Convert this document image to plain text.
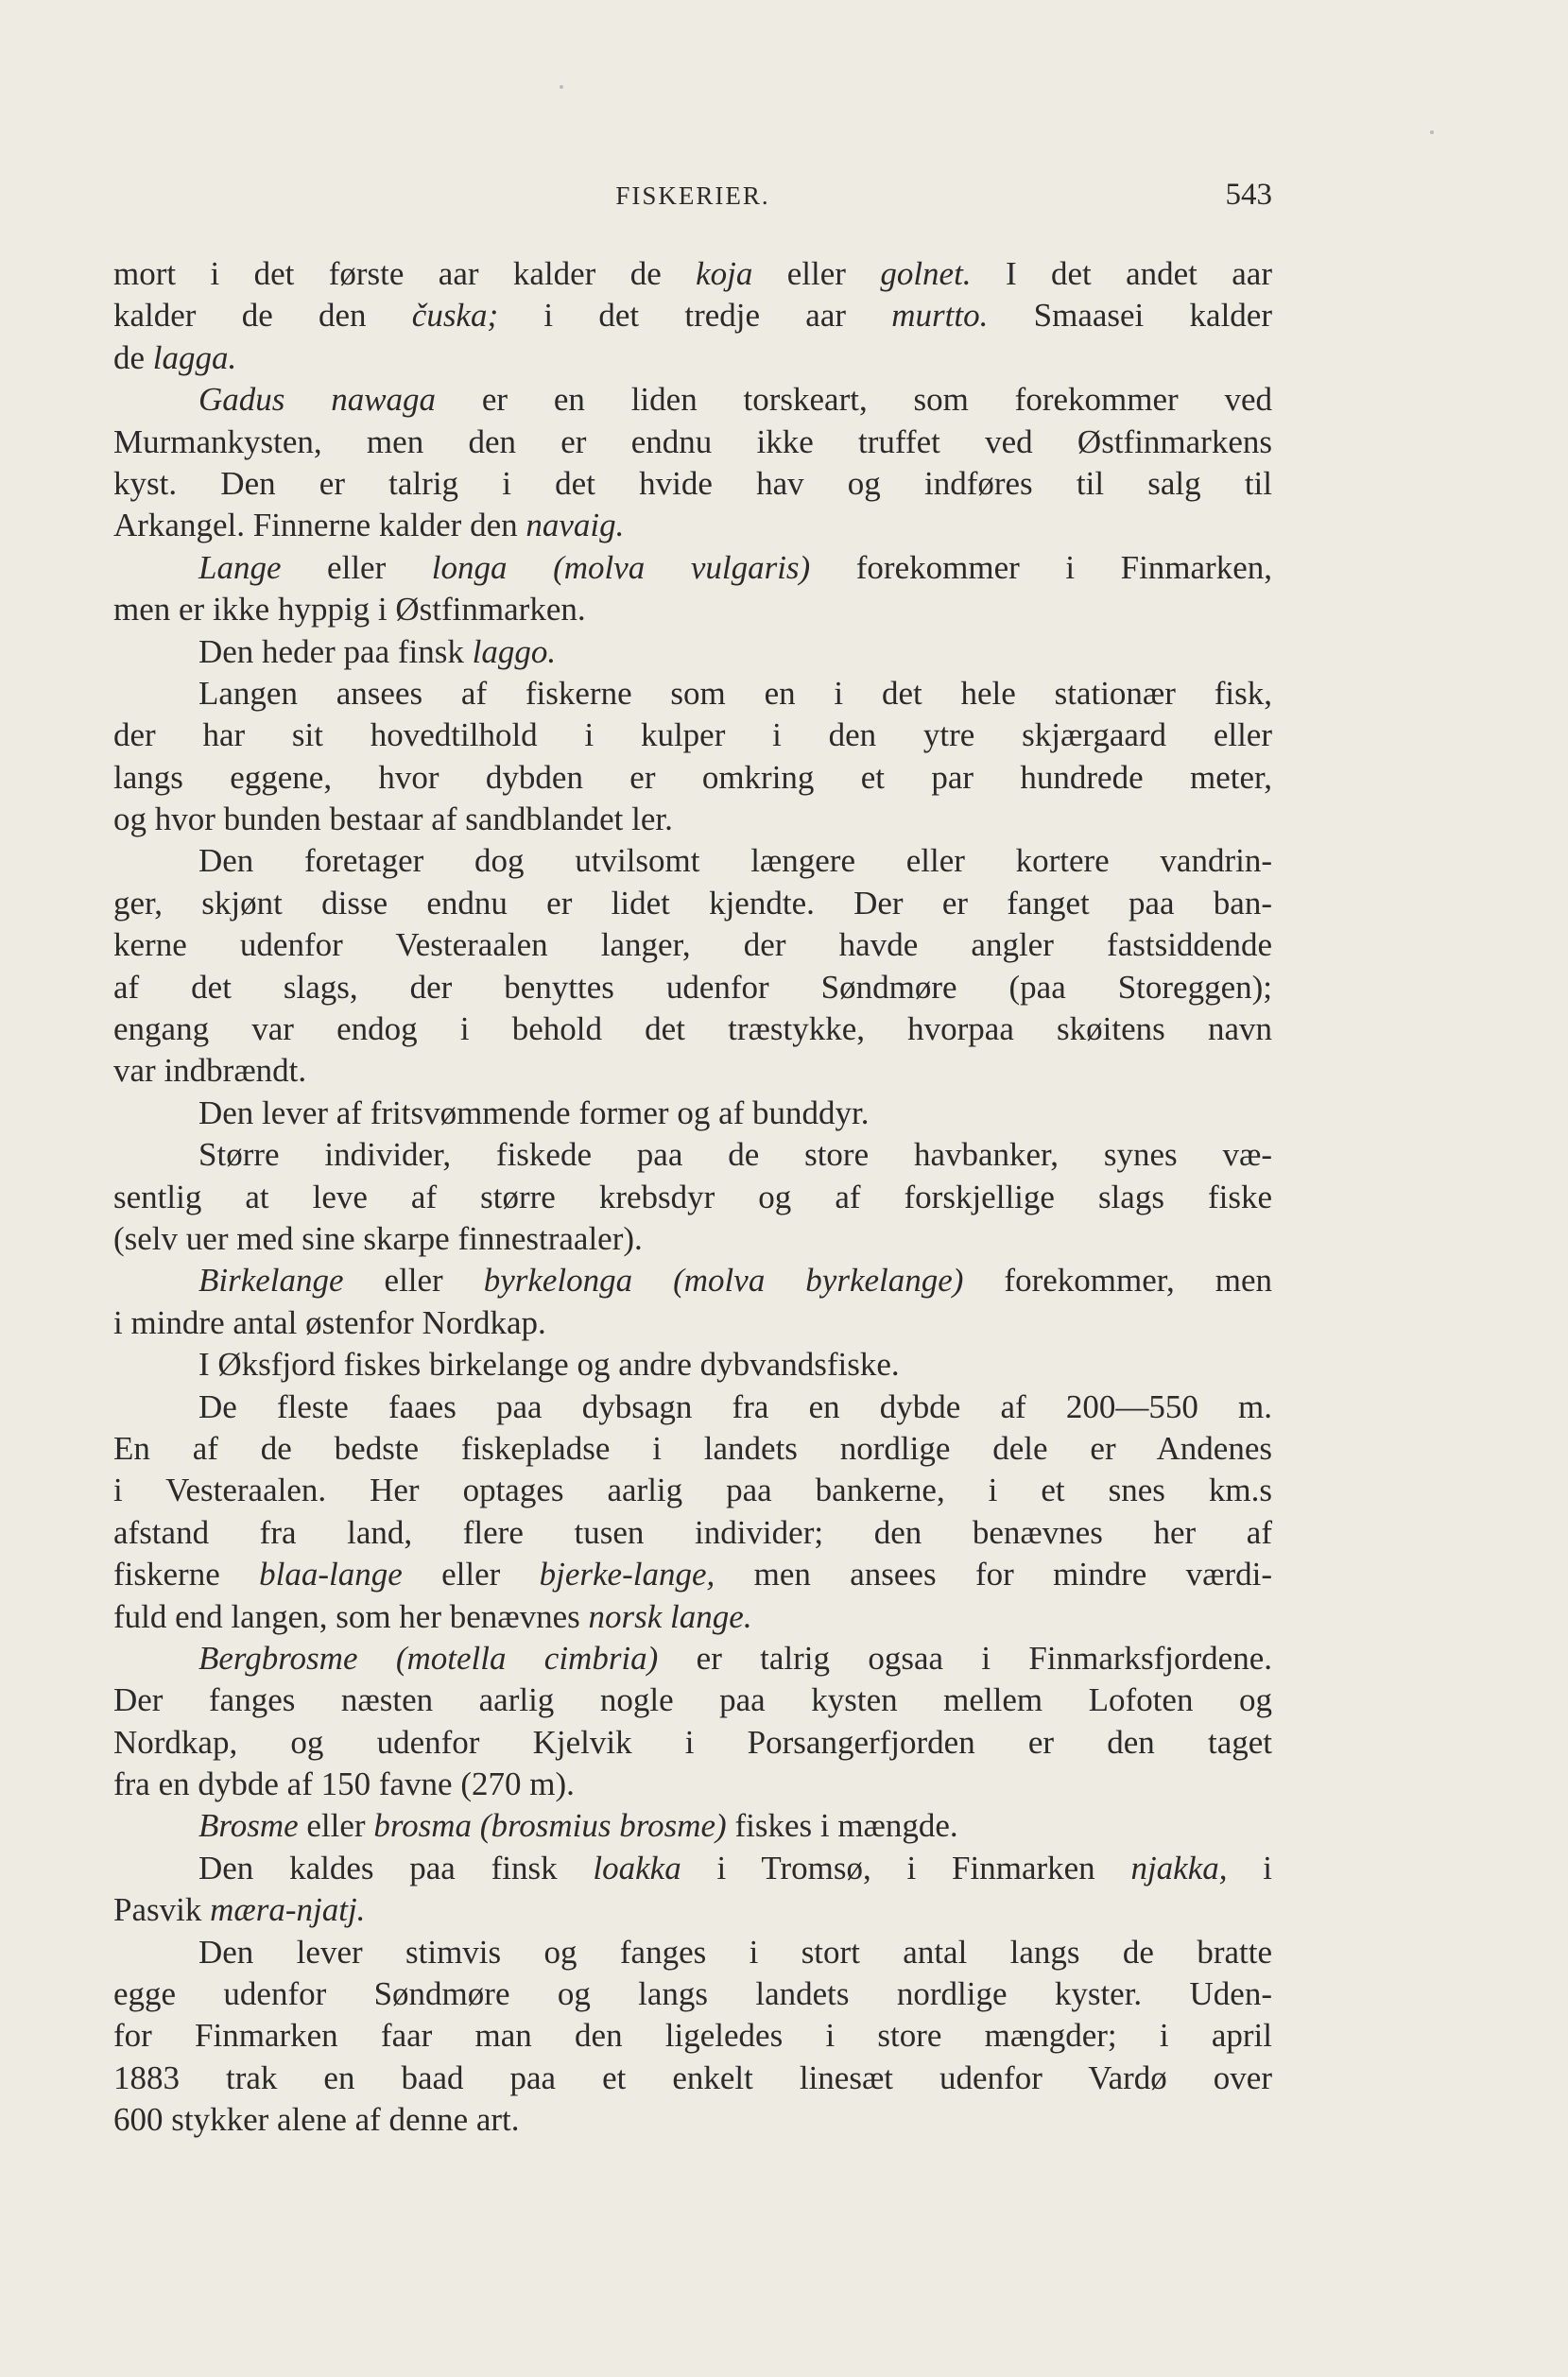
FISKERIER.	543
mort i det første aar kalder de koja eller golnet. I det andet aar
kalder de den čuska; i det tredje aar murtto. Smaasei kalder
de lagga.
Gadus nawaga er en liden torskeart, som forekommer ved
Murmankysten, men den er endnu ikke truffet ved Østfinmarkens
kyst. Den er talrig i det hvide hav og indføres til salg til
Arkangel. Finnerne kalder den navaig.
Lange eller longa (molva vulgaris) forekommer i Finmarken,
men er ikke hyppig i Østfinmarken.
Den heder paa finsk laggo.
Langen ansees af fiskerne som en i det hele stationær fisk,
der har sit hovedtilhold i kulper i den ytre skjærgaard eller
langs eggene, hvor dybden er omkring et par hundrede meter,
og hvor bunden bestaar af sandblandet ler.
Den foretager dog utvilsomt længere eller kortere vandrin-
ger, skjønt disse endnu er lidet kjendte. Der er fanget paa ban-
kerne udenfor Vesteraalen langer, der havde angler fastsiddende
af det slags, der benyttes udenfor Søndmøre (paa Storeggen);
engang var endog i behold det træstykke, hvorpaa skøitens navn
var indbrændt.
Den lever af fritsvømmende former og af bunddyr.
Større individer, fiskede paa de store havbanker, synes væ-
sentlig at leve af større krebsdyr og af forskjellige slags fiske
(selv uer med sine skarpe finnestraaler).
Birkelange eller byrkelonga (molva byrkelange) forekommer, men
i mindre antal østenfor Nordkap.
I Øksfjord fiskes birkelange og andre dybvandsfiske.
De fleste faaes paa dybsagn fra en dybde af 200—550 m.
En af de bedste fiskepladse i landets nordlige dele er Andenes
i Vesteraalen. Her optages aarlig paa bankerne, i et snes km.s
afstand fra land, flere tusen individer; den benævnes her af
fiskerne blaa-lange eller bjerke-lange, men ansees for mindre værdi-
fuld end langen, som her benævnes norsk lange.
Bergbrosme (motella cimbria) er talrig ogsaa i Finmarksfjordene.
Der fanges næsten aarlig nogle paa kysten mellem Lofoten og
Nordkap, og udenfor Kjelvik i Porsangerfjorden er den taget
fra en dybde af 150 favne (270 m).
Brosme eller brosma (brosmius brosme) fiskes i mængde.
Den kaldes paa finsk loakka i Tromsø, i Finmarken njakka, i
Pasvik mæra-njatj.
Den lever stimvis og fanges i stort antal langs de bratte
egge udenfor Søndmøre og langs landets nordlige kyster. Uden-
for Finmarken faar man den ligeledes i store mængder; i april
1883 trak en baad paa et enkelt linesæt udenfor Vardø over
600 stykker alene af denne art.
